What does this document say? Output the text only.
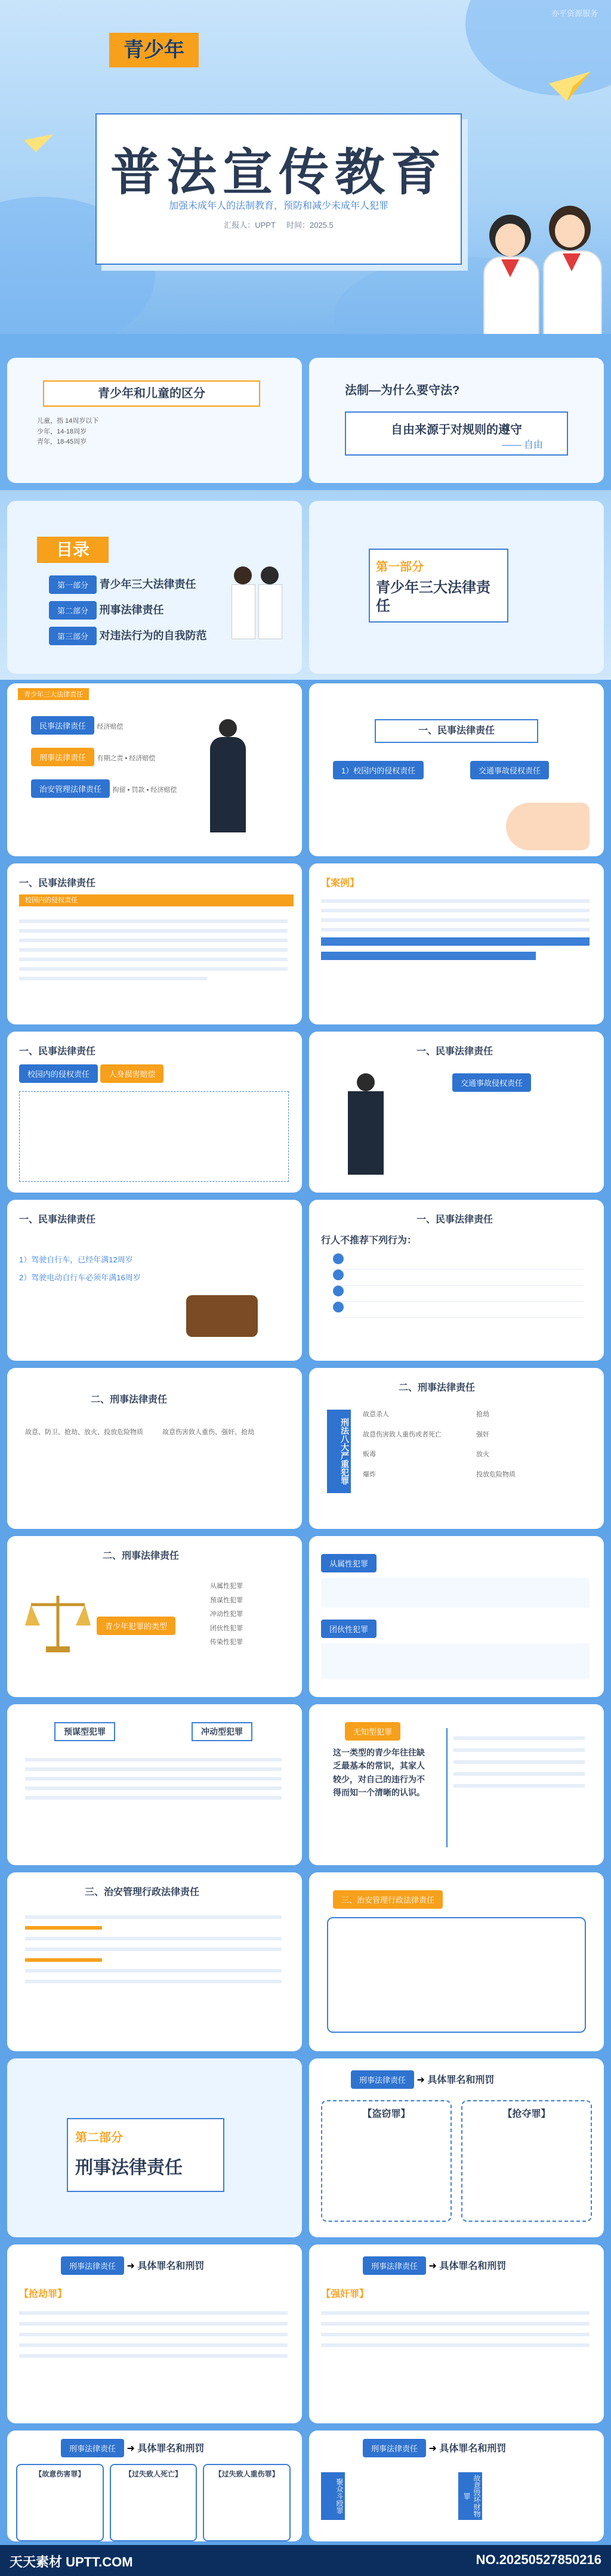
亦平资源服务
普法宣传教育
加强未成年人的法制教育，预防和减少未成年人犯罪
汇报人：UPPT 时间：2025.5
青少年
青少年和儿童的区分
儿童，指 14周岁以下
少年，14-18周岁
青年，18-45周岁
法制—为什么要守法?
自由来源于对规则的遵守
—— 自由
目录
第一部分 青少年三大法律责任
第二部分 刑事法律责任
第三部分 对违法行为的自我防范
第一部分
青少年三大法律责任
青少年三大法律责任
民事法律责任 经济赔偿
刑事法律责任 有期之责 • 经济赔偿
治安管理法律责任 拘留 • 罚款 • 经济赔偿
一、民事法律责任
1）校园内的侵权责任	交通事故侵权责任
一、民事法律责任
校园内的侵权责任
【案例】
一、民事法律责任
校园内的侵权责任 人身损害赔偿
一、民事法律责任
交通事故侵权责任
一、民事法律责任
1）驾驶自行车，已经年满12周岁
2）驾驶电动自行车必须年满16周岁
一、民事法律责任
行人不推荐下列行为：
二、刑事法律责任
故意、防卫、抢劫、放火、投放危险物质	故意伤害致人重伤、强奸、抢劫
二、刑事法律责任
刑法八大严重犯罪
故意杀人	抢劫
故意伤害致人重伤或者死亡	强奸
贩毒	放火
爆炸	投放危险物质
二、刑事法律责任
青少年犯罪的类型
从属性犯罪
预谋性犯罪
冲动性犯罪
团伙性犯罪
传染性犯罪
从属性犯罪
团伙性犯罪
预谋型犯罪	冲动型犯罪	无知型犯罪
这一类型的青少年往往缺乏最基本的常识，其家人较少，对自己的违行为不得而知一个清晰的认识。
三、治安管理行政法律责任
三、治安管理行政法律责任
第二部分
刑事法律责任
刑事法律责任 ➜ 具体罪名和刑罚
【盗窃罪】	【抢夺罪】
刑事法律责任 ➜ 具体罪名和刑罚
【抢劫罪】
刑事法律责任 ➜ 具体罪名和刑罚
【强奸罪】
刑事法律责任 ➜ 具体罪名和刑罚
【故意伤害罪】	【过失致人死亡】	【过失致人重伤罪】
刑事法律责任 ➜ 具体罪名和刑罚
聚众斗殴罪	故意毁坏财物罪
天天素材 UPTT.COM	NO.20250527850216
